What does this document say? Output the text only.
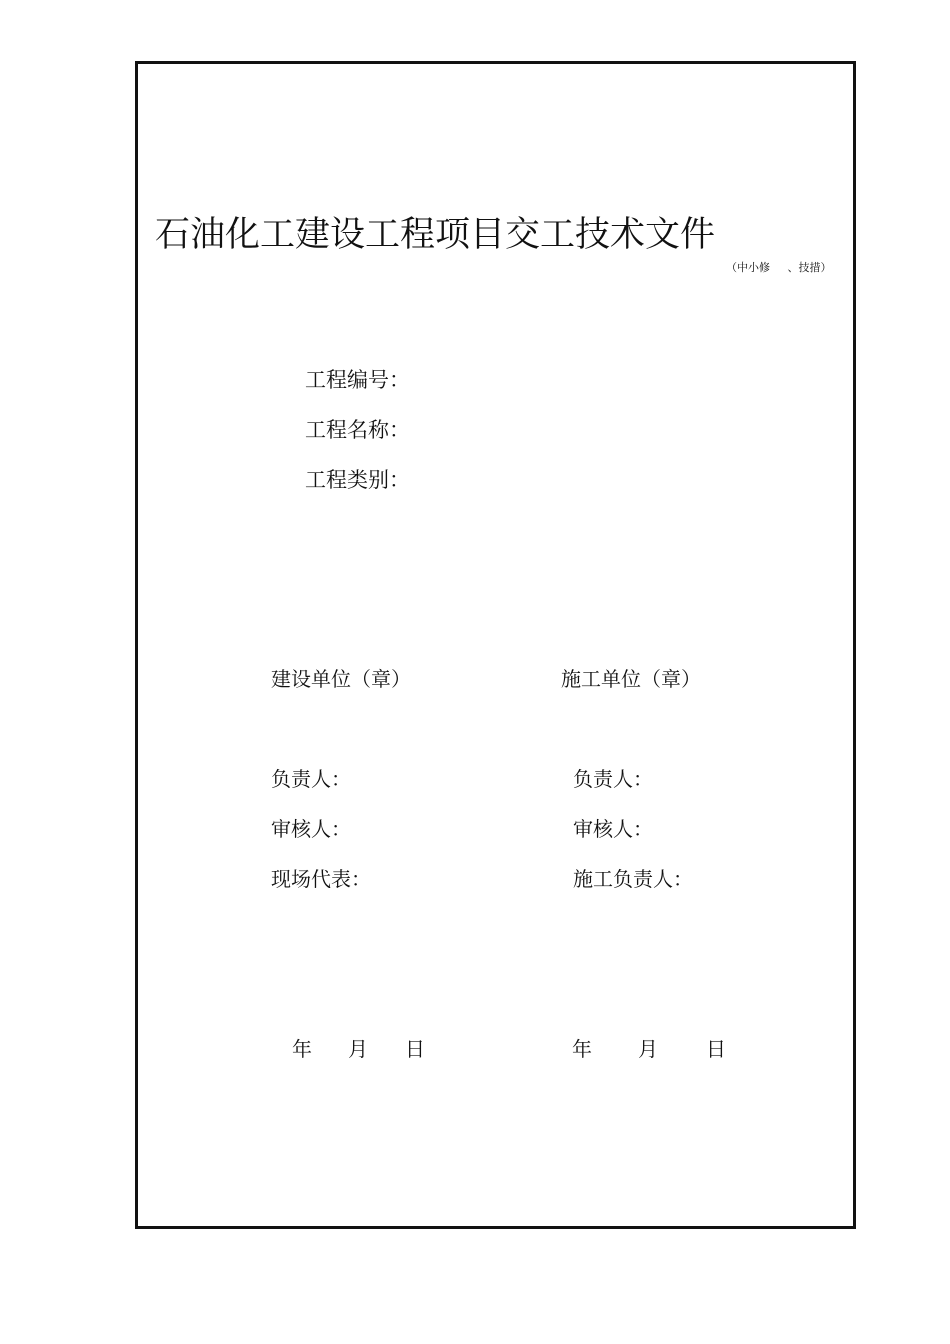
石油化工建设工程项目交工技术文件
（中小修 、技措）
工程编号：
工程名称：
工程类别：
建设单位（章）	施工单位（章）
负责人：
审核人：
现场代表：
负责人：
审核人：
施工负责人：
年 月 日	年 月 日
